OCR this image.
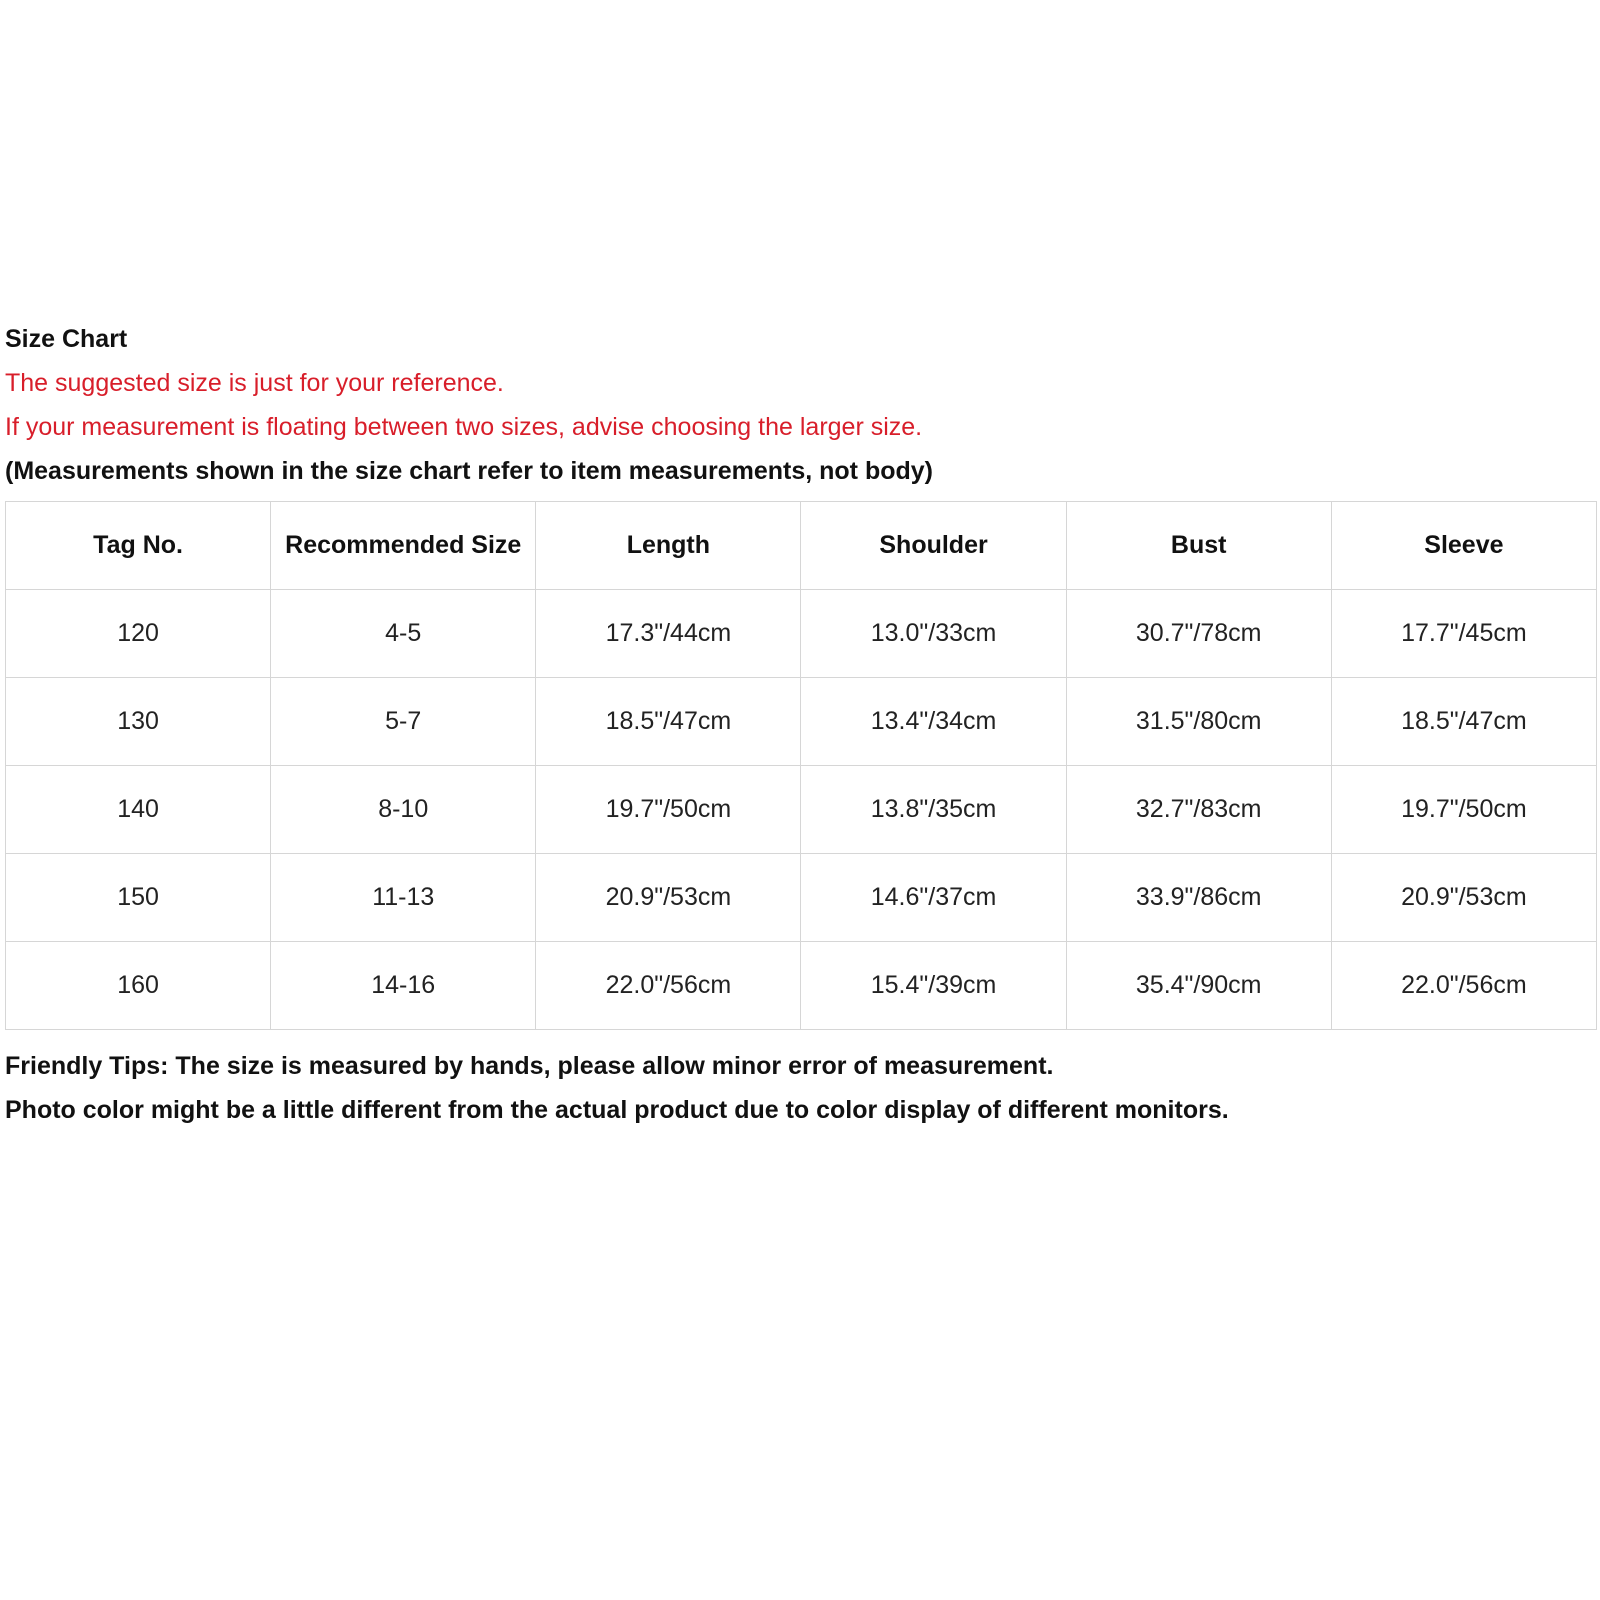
Size Chart
The suggested size is just for your reference.
If your measurement is floating between two sizes, advise choosing the larger size.
(Measurements shown in the size chart refer to item measurements, not body)
Tag No.	Recommended Size	Length	Shoulder	Bust	Sleeve
120	4-5	17.3"/44cm	13.0"/33cm	30.7"/78cm	17.7"/45cm
130	5-7	18.5"/47cm	13.4"/34cm	31.5"/80cm	18.5"/47cm
140	8-10	19.7"/50cm	13.8"/35cm	32.7"/83cm	19.7"/50cm
150	11-13	20.9"/53cm	14.6"/37cm	33.9"/86cm	20.9"/53cm
160	14-16	22.0"/56cm	15.4"/39cm	35.4"/90cm	22.0"/56cm
Friendly Tips: The size is measured by hands, please allow minor error of measurement.
Photo color might be a little different from the actual product due to color display of different monitors.
